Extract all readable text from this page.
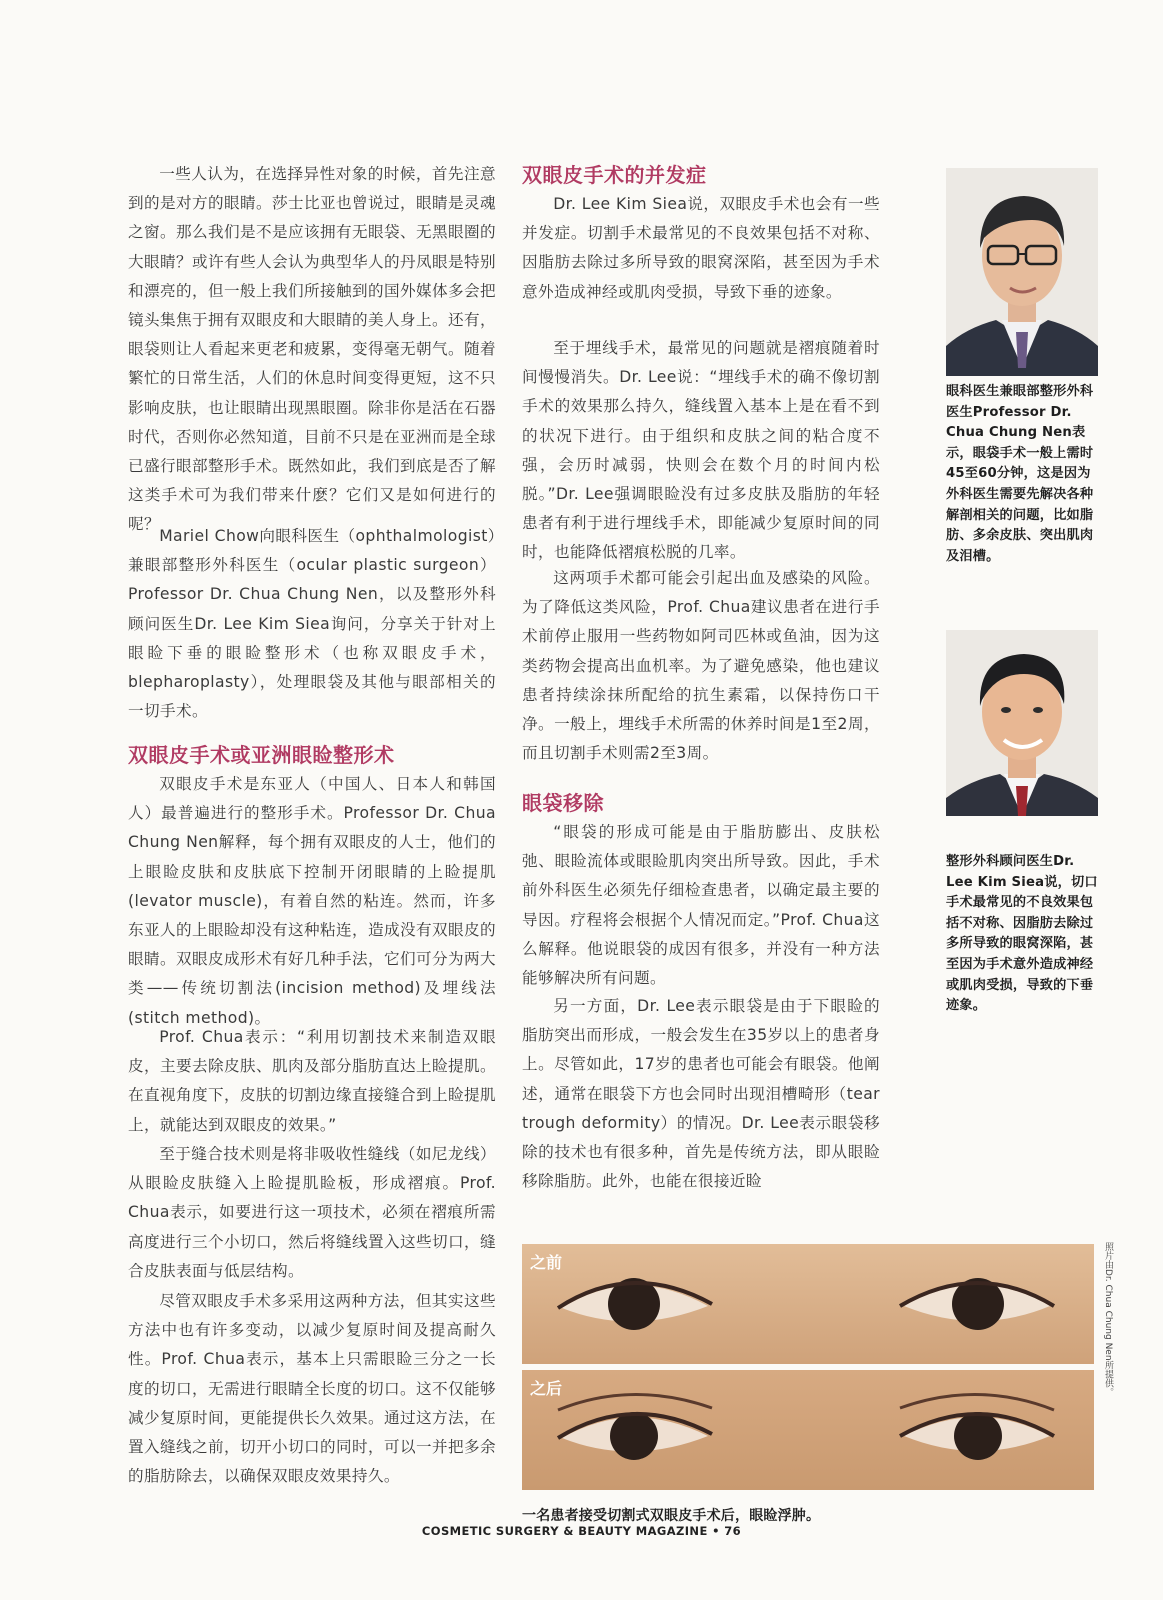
一些人认为，在选择异性对象的时候，首先注意到的是对方的眼睛。莎士比亚也曾说过，眼睛是灵魂之窗。那么我们是不是应该拥有无眼袋、无黑眼圈的大眼睛？或许有些人会认为典型华人的丹凤眼是特别和漂亮的，但一般上我们所接触到的国外媒体多会把镜头集焦于拥有双眼皮和大眼睛的美人身上。还有，眼袋则让人看起来更老和疲累，变得毫无朝气。随着繁忙的日常生活，人们的休息时间变得更短，这不只影响皮肤，也让眼睛出现黑眼圈。除非你是活在石器时代，否则你必然知道，目前不只是在亚洲而是全球已盛行眼部整形手术。既然如此，我们到底是否了解这类手术可为我们带来什麽？它们又是如何进行的呢？

Mariel Chow向眼科医生（ophthalmologist）兼眼部整形外科医生（ocular plastic surgeon）Professor Dr. Chua Chung Nen，以及整形外科顾问医生Dr. Lee Kim Siea询问，分享关于针对上眼睑下垂的眼睑整形术（也称双眼皮手术，blepharoplasty），处理眼袋及其他与眼部相关的一切手术。

双眼皮手术或亚洲眼睑整形术

双眼皮手术是东亚人（中国人、日本人和韩国人）最普遍进行的整形手术。Professor Dr. Chua Chung Nen解释，每个拥有双眼皮的人士，他们的上眼睑皮肤和皮肤底下控制开闭眼睛的上睑提肌(levator muscle)，有着自然的粘连。然而，许多东亚人的上眼睑却没有这种粘连，造成没有双眼皮的眼睛。双眼皮成形术有好几种手法，它们可分为两大类——传统切割法(incision method)及埋线法(stitch method)。

Prof. Chua表示：“利用切割技术来制造双眼皮，主要去除皮肤、肌肉及部分脂肪直达上睑提肌。在直视角度下，皮肤的切割边缘直接缝合到上睑提肌上，就能达到双眼皮的效果。”

至于缝合技术则是将非吸收性缝线（如尼龙线）从眼睑皮肤缝入上睑提肌睑板，形成褶痕。Prof. Chua表示，如要进行这一项技术，必须在褶痕所需高度进行三个小切口，然后将缝线置入这些切口，缝合皮肤表面与低层结构。

尽管双眼皮手术多采用这两种方法，但其实这些方法中也有许多变动，以减少复原时间及提高耐久性。Prof. Chua表示，基本上只需眼睑三分之一长度的切口，无需进行眼睛全长度的切口。这不仅能够减少复原时间，更能提供长久效果。通过这方法，在置入缝线之前，切开小切口的同时，可以一并把多余的脂肪除去，以确保双眼皮效果持久。

双眼皮手术的并发症

Dr. Lee Kim Siea说，双眼皮手术也会有一些并发症。切割手术最常见的不良效果包括不对称、因脂肪去除过多所导致的眼窝深陷，甚至因为手术意外造成神经或肌肉受损，导致下垂的迹象。

至于埋线手术，最常见的问题就是褶痕随着时间慢慢消失。Dr. Lee说：“埋线手术的确不像切割手术的效果那么持久，缝线置入基本上是在看不到的状况下进行。由于组织和皮肤之间的粘合度不强，会历时减弱，快则会在数个月的时间内松脱。”Dr. Lee强调眼睑没有过多皮肤及脂肪的年轻患者有利于进行埋线手术，即能减少复原时间的同时，也能降低褶痕松脱的几率。

这两项手术都可能会引起出血及感染的风险。为了降低这类风险，Prof. Chua建议患者在进行手术前停止服用一些药物如阿司匹林或鱼油，因为这类药物会提高出血机率。为了避免感染，他也建议患者持续涂抹所配给的抗生素霜，以保持伤口干净。一般上，埋线手术所需的休养时间是1至2周，而且切割手术则需2至3周。

眼袋移除

“眼袋的形成可能是由于脂肪膨出、皮肤松弛、眼睑流体或眼睑肌肉突出所导致。因此，手术前外科医生必须先仔细检查患者，以确定最主要的导因。疗程将会根据个人情况而定。”Prof. Chua这么解释。他说眼袋的成因有很多，并没有一种方法能够解决所有问题。

另一方面，Dr. Lee表示眼袋是由于下眼睑的脂肪突出而形成，一般会发生在35岁以上的患者身上。尽管如此，17岁的患者也可能会有眼袋。他阐述，通常在眼袋下方也会同时出现泪槽畸形（tear trough deformity）的情况。Dr. Lee表示眼袋移除的技术也有很多种，首先是传统方法，即从眼睑移除脂肪。此外，也能在很接近睑

眼科医生兼眼部整形外科医生Professor Dr. Chua Chung Nen表示，眼袋手术一般上需时45至60分钟，这是因为外科医生需要先解决各种解剖相关的问题，比如脂肪、多余皮肤、突出肌肉及泪槽。
整形外科顾问医生Dr. Lee Kim Siea说，切口手术最常见的不良效果包括不对称、因脂肪去除过多所导致的眼窝深陷，甚至因为手术意外造成神经或肌肉受损，导致的下垂迹象。
之前
之后	照片由Dr. Chua Chung Nen所提供。
一名患者接受切割式双眼皮手术后，眼睑浮肿。
COSMETIC SURGERY & BEAUTY MAGAZINE • 76
